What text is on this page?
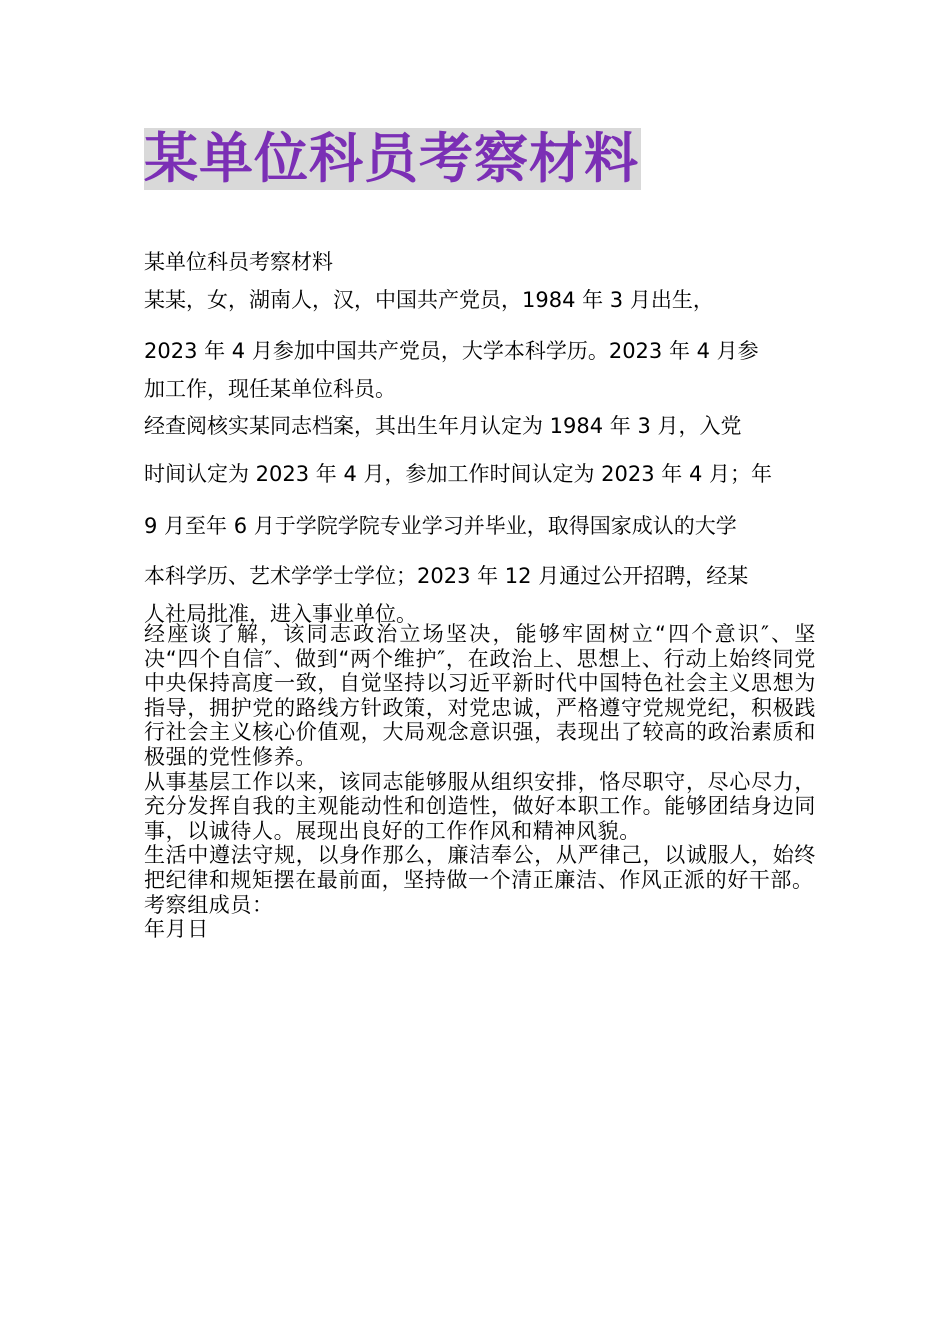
某单位科员考察材料
某单位科员考察材料
某某，女，湖南人，汉，中国共产党员，1984 年 3 月出生，
2023 年 4 月参加中国共产党员，大学本科学历。2023 年 4 月参
加工作，现任某单位科员。
经查阅核实某同志档案，其出生年月认定为 1984 年 3 月，入党
时间认定为 2023 年 4 月，参加工作时间认定为 2023 年 4 月；年
9 月至年 6 月于学院学院专业学习并毕业，取得国家成认的大学
本科学历、艺术学学士学位；2023 年 12 月通过公开招聘，经某
人社局批准，进入事业单位。

经座谈了解，该同志政治立场坚决，能够牢固树立“四个意识″、坚决“四个自信″、做到“两个维护″，在政治上、思想上、行动上始终同党中央保持高度一致，自觉坚持以习近平新时代中国特色社会主义思想为指导，拥护党的路线方针政策，对党忠诚，严格遵守党规党纪，积极践行社会主义核心价值观，大局观念意识强，表现出了较高的政治素质和极强的党性修养。

从事基层工作以来，该同志能够服从组织安排，恪尽职守，尽心尽力，充分发挥自我的主观能动性和创造性，做好本职工作。能够团结身边同事，以诚待人。展现出良好的工作作风和精神风貌。

生活中遵法守规，以身作那么，廉洁奉公，从严律己，以诚服人，始终把纪律和规矩摆在最前面，坚持做一个清正廉洁、作风正派的好干部。

考察组成员：

年月日
